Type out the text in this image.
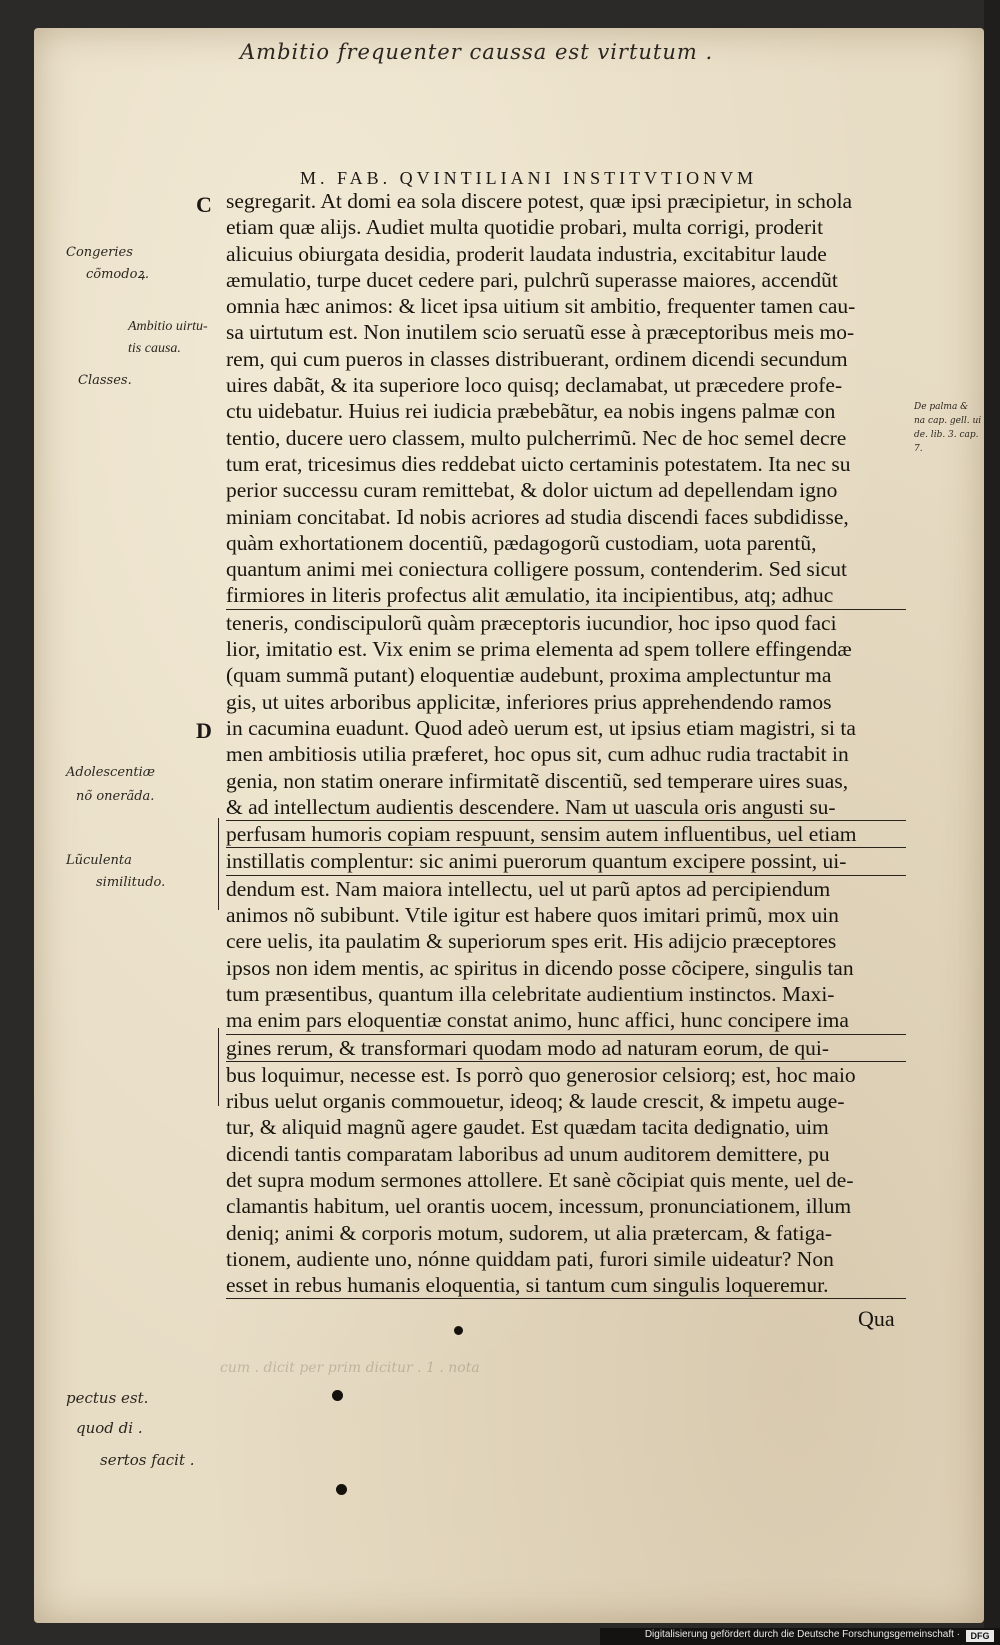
Ambitio frequenter caussa est virtutum .
M. FAB. QVINTILIANI INSTITVTIONVM
C
D
segregarit. At domi ea sola discere potest, quæ ipsi præcipietur, in schola
etiam quæ alijs. Audiet multa quotidie probari, multa corrigi, proderit
alicuius obiurgata desidia, proderit laudata industria, excitabitur laude
æmulatio, turpe ducet cedere pari, pulchrũ superasse maiores, accendũt
omnia hæc animos: & licet ipsa uitium sit ambitio, frequenter tamen cau-
sa uirtutum est. Non inutilem scio seruatũ esse à præceptoribus meis mo-
rem, qui cum pueros in classes distribuerant, ordinem dicendi secundum
uires dabãt, & ita superiore loco quisq; declamabat, ut præcedere profe-
ctu uidebatur. Huius rei iudicia præbebãtur, ea nobis ingens palmæ con
tentio, ducere uero classem, multo pulcherrimũ. Nec de hoc semel decre
tum erat, tricesimus dies reddebat uicto certaminis potestatem. Ita nec su
perior successu curam remittebat, & dolor uictum ad depellendam igno
miniam concitabat. Id nobis acriores ad studia discendi faces subdidisse,
quàm exhortationem docentiũ, pædagogorũ custodiam, uota parentũ,
quantum animi mei coniectura colligere possum, contenderim. Sed sicut
firmiores in literis profectus alit æmulatio, ita incipientibus, atq; adhuc
teneris, condiscipulorũ quàm præceptoris iucundior, hoc ipso quod faci
lior, imitatio est. Vix enim se prima elementa ad spem tollere effingendæ
(quam summã putant) eloquentiæ audebunt, proxima amplectuntur ma
gis, ut uites arboribus applicitæ, inferiores prius apprehendendo ramos
in cacumina euadunt. Quod adeò uerum est, ut ipsius etiam magistri, si ta
men ambitiosis utilia præferet, hoc opus sit, cum adhuc rudia tractabit in
genia, non statim onerare infirmitatẽ discentiũ, sed temperare uires suas,
& ad intellectum audientis descendere. Nam ut uascula oris angusti su-
perfusam humoris copiam respuunt, sensim autem influentibus, uel etiam
instillatis complentur: sic animi puerorum quantum excipere possint, ui-
dendum est. Nam maiora intellectu, uel ut parũ aptos ad percipiendum
animos nõ subibunt. Vtile igitur est habere quos imitari primũ, mox uin
cere uelis, ita paulatim & superiorum spes erit. His adijcio præceptores
ipsos non idem mentis, ac spiritus in dicendo posse cõcipere, singulis tan
tum præsentibus, quantum illa celebritate audientium instinctos. Maxi-
ma enim pars eloquentiæ constat animo, hunc affici, hunc concipere ima
gines rerum, & transformari quodam modo ad naturam eorum, de qui-
bus loquimur, necesse est. Is porrò quo generosior celsiorq; est, hoc maio
ribus uelut organis commouetur, ideoq; & laude crescit, & impetu auge-
tur, & aliquid magnũ agere gaudet. Est quædam tacita dedignatio, uim
dicendi tantis comparatam laboribus ad unum auditorem demittere, pu
det supra modum sermones attollere. Et sanè cõcipiat quis mente, uel de-
clamantis habitum, uel orantis uocem, incessum, pronunciationem, illum
deniq; animi & corporis motum, sudorem, ut alia prætercam, & fatiga-
tionem, audiente uno, nónne quiddam pati, furori simile uideatur? Non
esset in rebus humanis eloquentia, si tantum cum singulis loqueremur.
Qua
Congeries
cõmodoꝝ.
Ambitio uirtu-
tis causa.
Classes.
Adolescentiæ
nõ onerãda.
Lũculenta
similitudo.
pectus est.
quod di .
sertos facit .
De palma &
na cap. gell. ui
de. lib. 3. cap.
7.
cum . dicit per prim dicitur . 1 . nota
Digitalisierung gefördert durch die Deutsche Forschungsgemeinschaft ·	DFG
